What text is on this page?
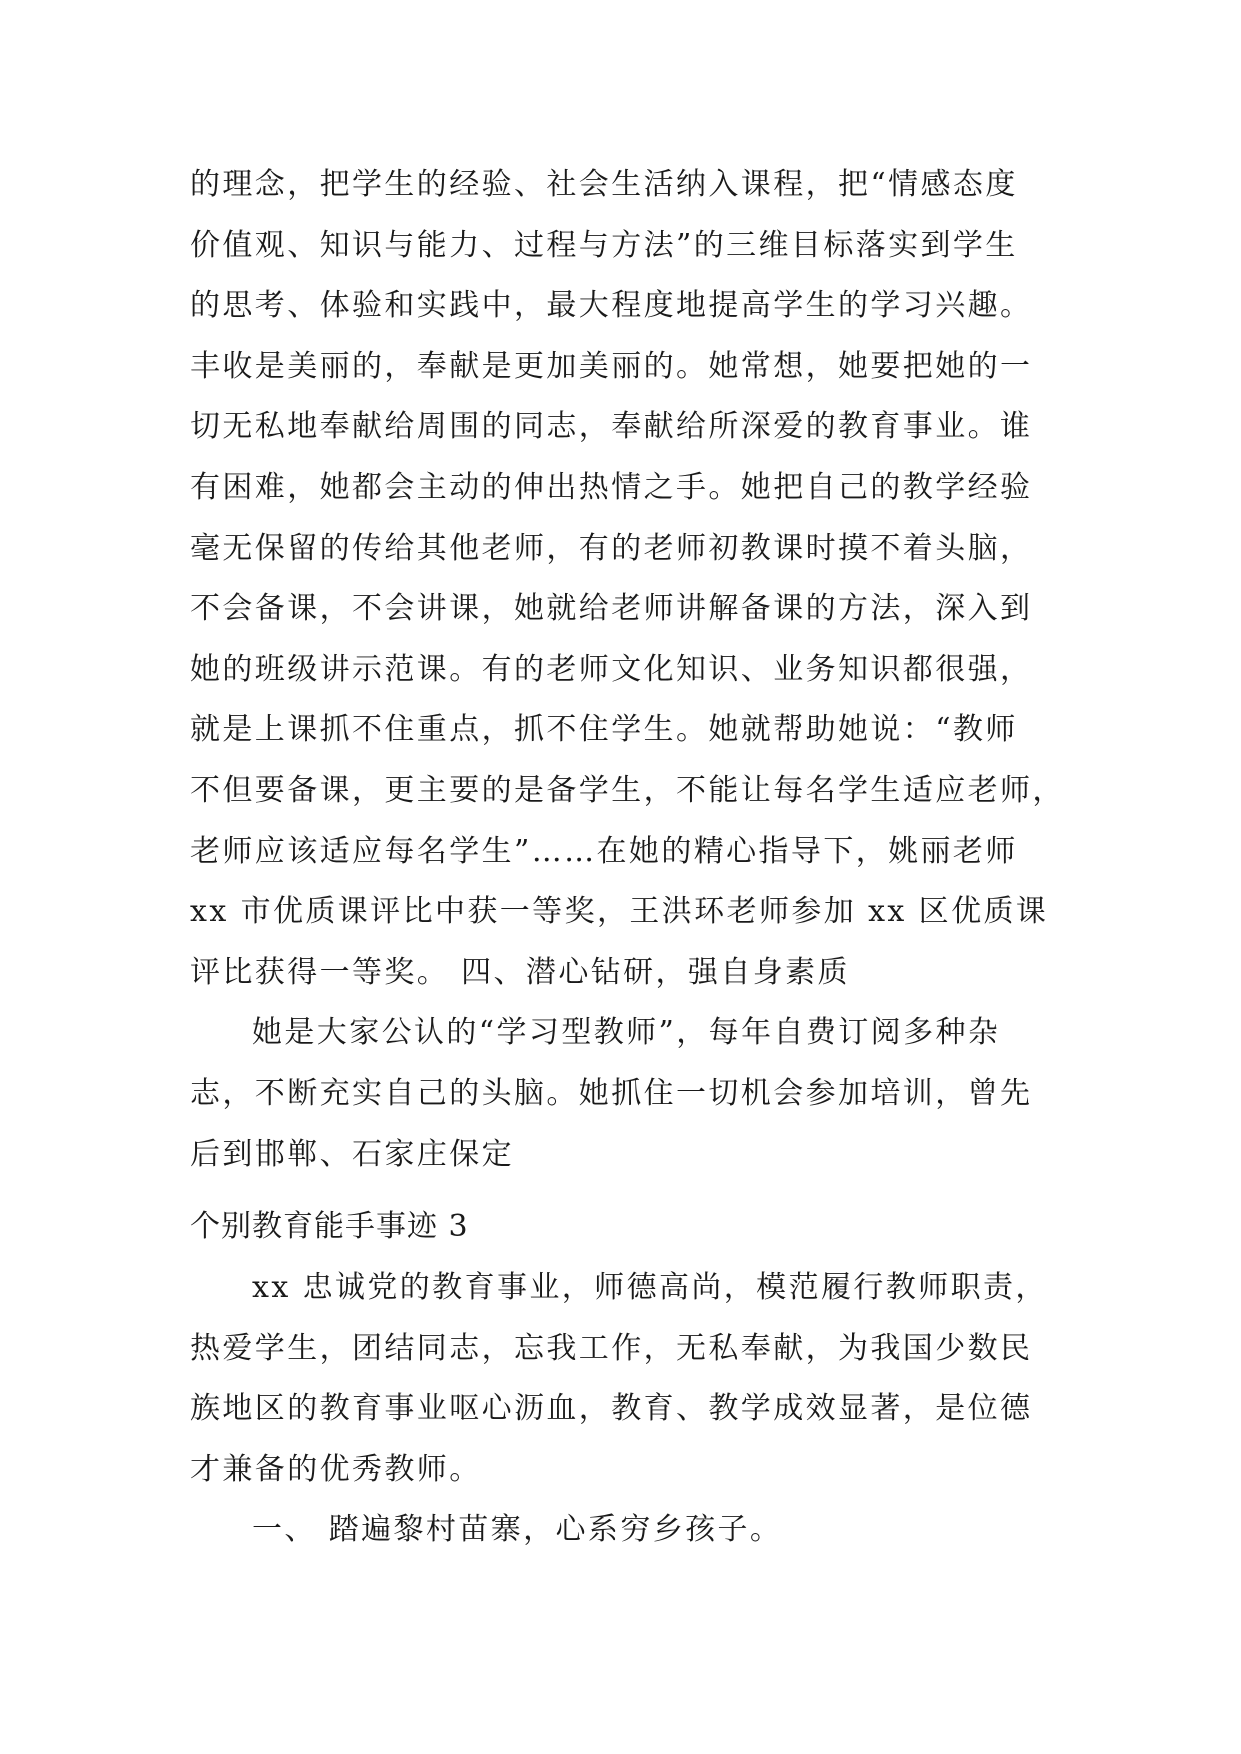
的理念，把学生的经验、社会生活纳入课程，把“情感态度
价值观、知识与能力、过程与方法”的三维目标落实到学生
的思考、体验和实践中，最大程度地提高学生的学习兴趣。
丰收是美丽的，奉献是更加美丽的。她常想，她要把她的一
切无私地奉献给周围的同志，奉献给所深爱的教育事业。谁
有困难，她都会主动的伸出热情之手。她把自己的教学经验
毫无保留的传给其他老师，有的老师初教课时摸不着头脑，
不会备课，不会讲课，她就给老师讲解备课的方法，深入到
她的班级讲示范课。有的老师文化知识、业务知识都很强，
就是上课抓不住重点，抓不住学生。她就帮助她说：“教师
不但要备课，更主要的是备学生，不能让每名学生适应老师，
老师应该适应每名学生”……在她的精心指导下，姚丽老师
xx 市优质课评比中获一等奖，王洪环老师参加 xx 区优质课
评比获得一等奖。 四、潜心钻研，强自身素质
她是大家公认的“学习型教师”，每年自费订阅多种杂
志，不断充实自己的头脑。她抓住一切机会参加培训，曾先
后到邯郸、石家庄保定
个别教育能手事迹 3
xx 忠诚党的教育事业，师德高尚，模范履行教师职责，
热爱学生，团结同志，忘我工作，无私奉献，为我国少数民
族地区的教育事业呕心沥血，教育、教学成效显著，是位德
才兼备的优秀教师。
一、 踏遍黎村苗寨，心系穷乡孩子。
